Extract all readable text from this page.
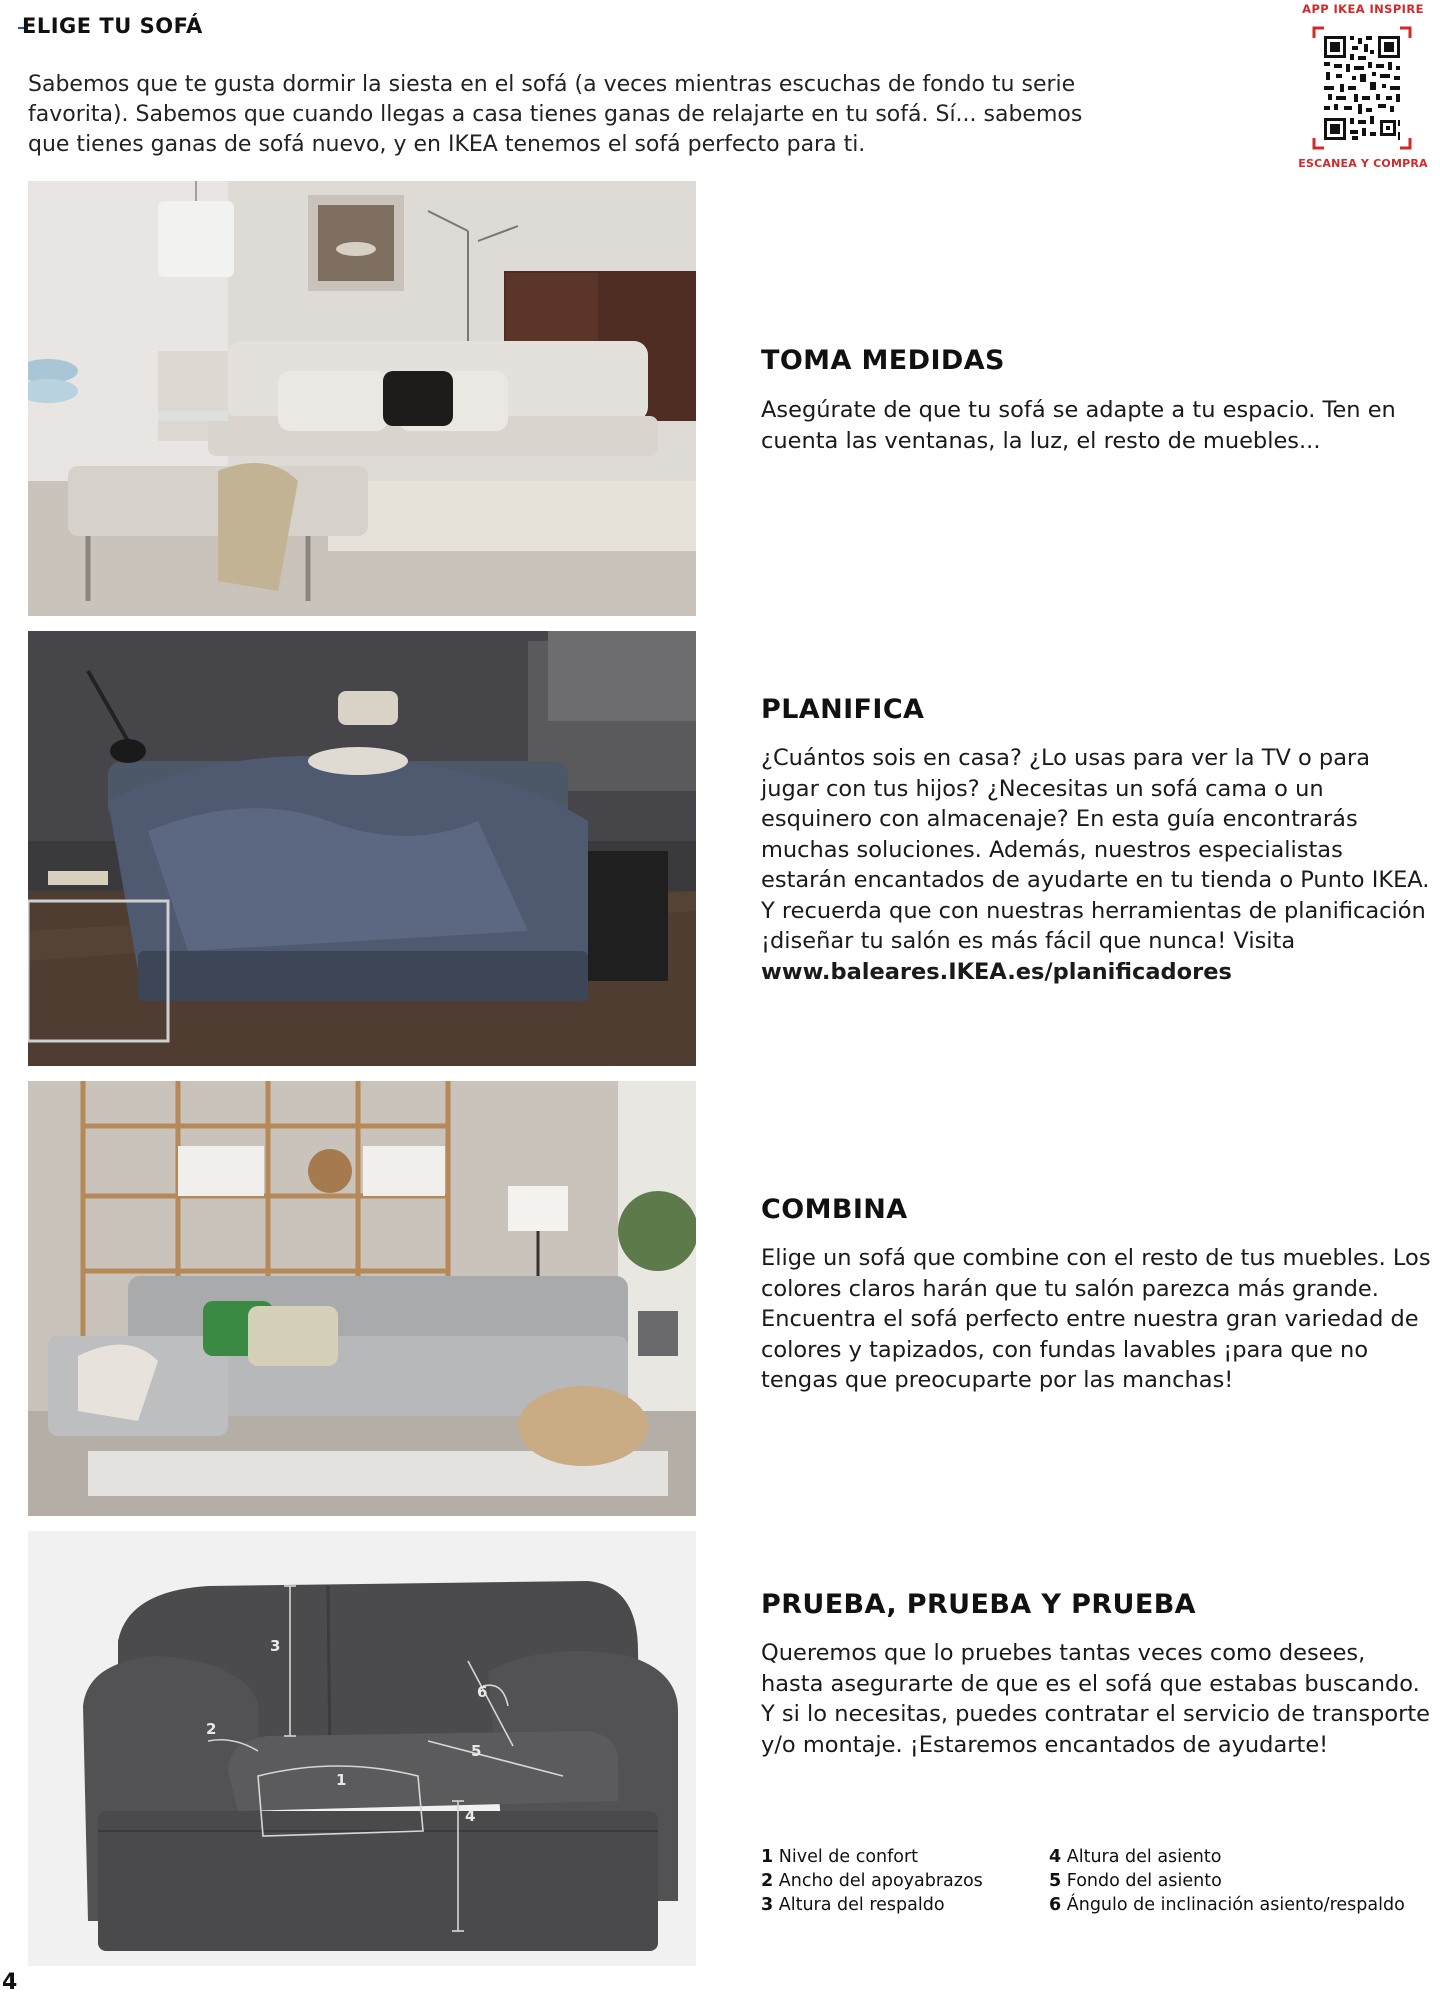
ELIGE TU SOFÁ
Sabemos que te gusta dormir la siesta en el sofá (a veces mientras escuchas de fondo tu serie favorita). Sabemos que cuando llegas a casa tienes ganas de relajarte en tu sofá. Sí... sabemos que tienes ganas de sofá nuevo, y en IKEA tenemos el sofá perfecto para ti.
APP IKEA INSPIRE
ESCANEA Y COMPRA
3
2
6
5
1
4
TOMA MEDIDAS
Asegúrate de que tu sofá se adapte a tu espacio. Ten en cuenta las ventanas, la luz, el resto de muebles...
PLANIFICA
¿Cuántos sois en casa? ¿Lo usas para ver la TV o para jugar con tus hijos? ¿Necesitas un sofá cama o un esquinero con almacenaje? En esta guía encontrarás muchas soluciones. Además, nuestros especialistas estarán encantados de ayudarte en tu tienda o Punto IKEA. Y recuerda que con nuestras herramientas de planificación ¡diseñar tu salón es más fácil que nunca! Visita www.baleares.IKEA.es/planificadores
COMBINA
Elige un sofá que combine con el resto de tus muebles. Los colores claros harán que tu salón parezca más grande. Encuentra el sofá perfecto entre nuestra gran variedad de colores y tapizados, con fundas lavables ¡para que no tengas que preocuparte por las manchas!
PRUEBA, PRUEBA Y PRUEBA
Queremos que lo pruebes tantas veces como desees, hasta asegurarte de que es el sofá que estabas buscando. Y si lo necesitas, puedes contratar el servicio de transporte y/o montaje. ¡Estaremos encantados de ayudarte!
1 Nivel de confort
2 Ancho del apoyabrazos
3 Altura del respaldo
4 Altura del asiento
5 Fondo del asiento
6 Ángulo de inclinación asiento/respaldo
4
